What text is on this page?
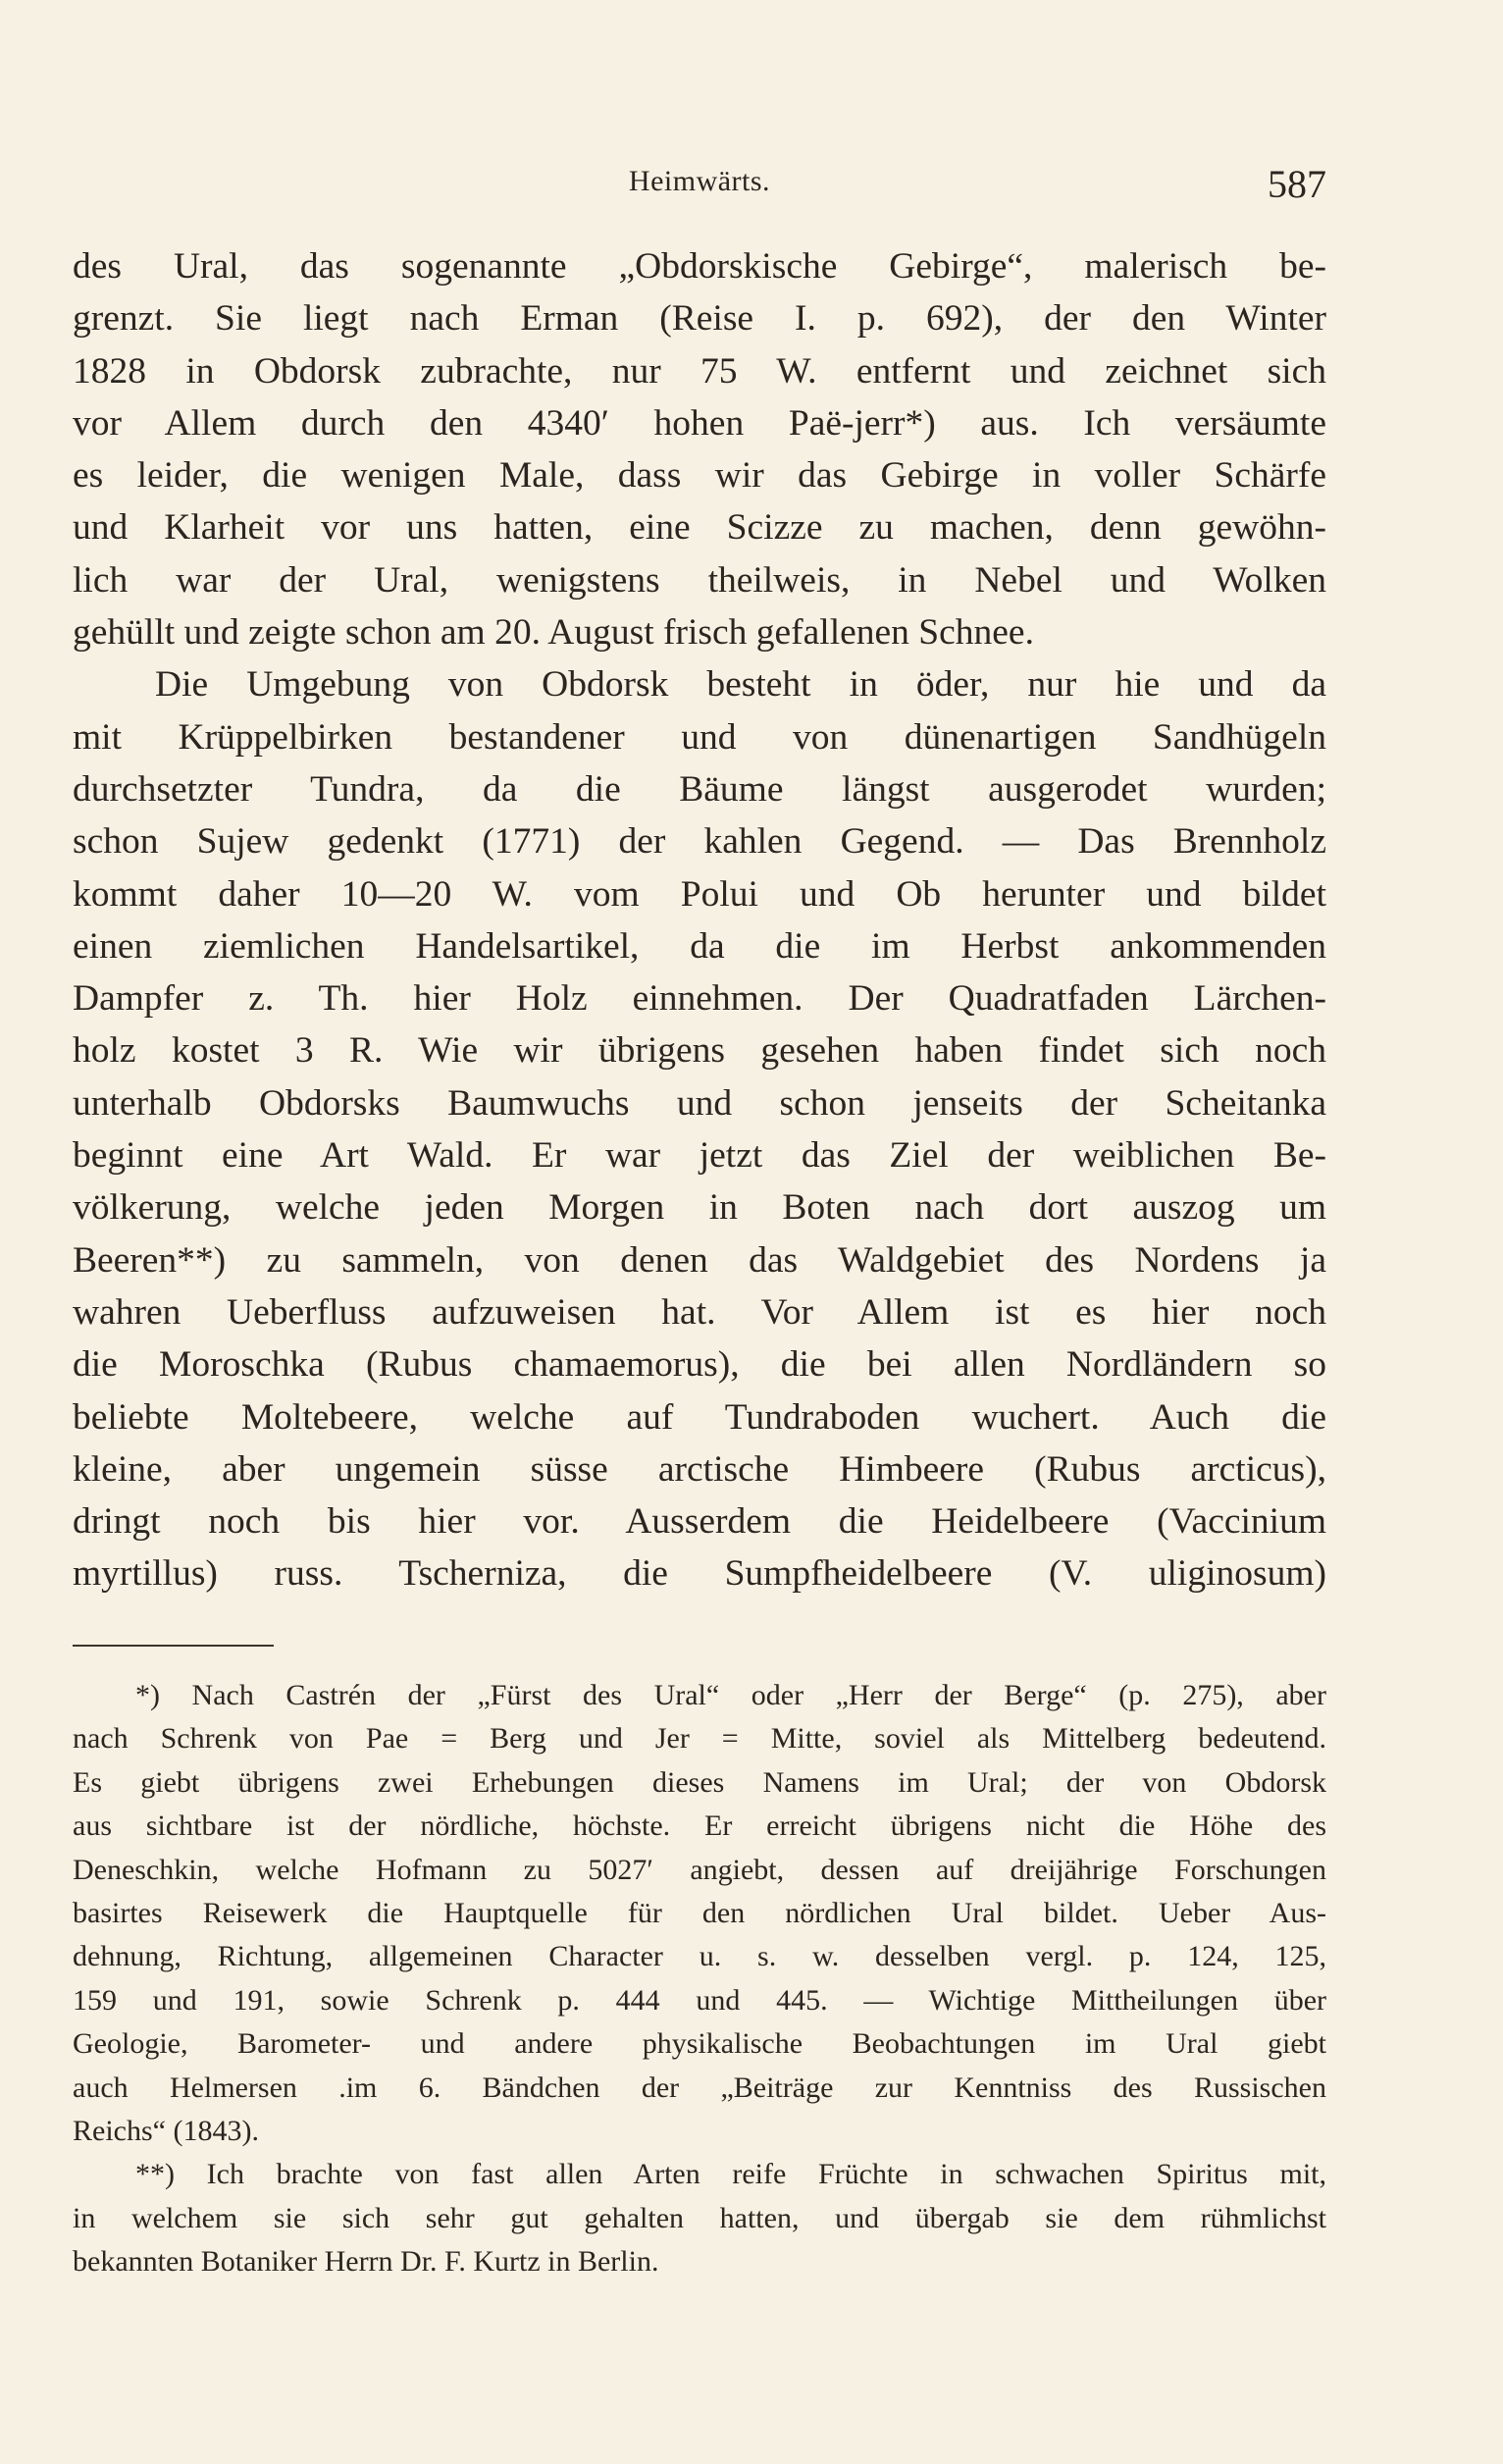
Heimwärts.	587
des Ural, das sogenannte „Obdorskische Gebirge“, malerisch be-
grenzt. Sie liegt nach Erman (Reise I. p. 692), der den Winter
1828 in Obdorsk zubrachte, nur 75 W. entfernt und zeichnet sich
vor Allem durch den 4340′ hohen Paë-jerr*) aus. Ich versäumte
es leider, die wenigen Male, dass wir das Gebirge in voller Schärfe
und Klarheit vor uns hatten, eine Scizze zu machen, denn gewöhn-
lich war der Ural, wenigstens theilweis, in Nebel und Wolken
gehüllt und zeigte schon am 20. August frisch gefallenen Schnee.
Die Umgebung von Obdorsk besteht in öder, nur hie und da
mit Krüppelbirken bestandener und von dünenartigen Sandhügeln
durchsetzter Tundra, da die Bäume längst ausgerodet wurden;
schon Sujew gedenkt (1771) der kahlen Gegend. — Das Brennholz
kommt daher 10—20 W. vom Polui und Ob herunter und bildet
einen ziemlichen Handelsartikel, da die im Herbst ankommenden
Dampfer z. Th. hier Holz einnehmen. Der Quadratfaden Lärchen-
holz kostet 3 R. Wie wir übrigens gesehen haben findet sich noch
unterhalb Obdorsks Baumwuchs und schon jenseits der Scheitanka
beginnt eine Art Wald. Er war jetzt das Ziel der weiblichen Be-
völkerung, welche jeden Morgen in Boten nach dort auszog um
Beeren**) zu sammeln, von denen das Waldgebiet des Nordens ja
wahren Ueberfluss aufzuweisen hat. Vor Allem ist es hier noch
die Moroschka (Rubus chamaemorus), die bei allen Nordländern so
beliebte Moltebeere, welche auf Tundraboden wuchert. Auch die
kleine, aber ungemein süsse arctische Himbeere (Rubus arcticus),
dringt noch bis hier vor. Ausserdem die Heidelbeere (Vaccinium
myrtillus) russ. Tscherniza, die Sumpfheidelbeere (V. uliginosum)
*) Nach Castrén der „Fürst des Ural“ oder „Herr der Berge“ (p. 275), aber
nach Schrenk von Pae = Berg und Jer = Mitte, soviel als Mittelberg bedeutend.
Es giebt übrigens zwei Erhebungen dieses Namens im Ural; der von Obdorsk
aus sichtbare ist der nördliche, höchste. Er erreicht übrigens nicht die Höhe des
Deneschkin, welche Hofmann zu 5027′ angiebt, dessen auf dreijährige Forschungen
basirtes Reisewerk die Hauptquelle für den nördlichen Ural bildet. Ueber Aus-
dehnung, Richtung, allgemeinen Character u. s. w. desselben vergl. p. 124, 125,
159 und 191, sowie Schrenk p. 444 und 445. — Wichtige Mittheilungen über
Geologie, Barometer- und andere physikalische Beobachtungen im Ural giebt
auch Helmersen .im 6. Bändchen der „Beiträge zur Kenntniss des Russischen
Reichs“ (1843).
**) Ich brachte von fast allen Arten reife Früchte in schwachen Spiritus mit,
in welchem sie sich sehr gut gehalten hatten, und übergab sie dem rühmlichst
bekannten Botaniker Herrn Dr. F. Kurtz in Berlin.
